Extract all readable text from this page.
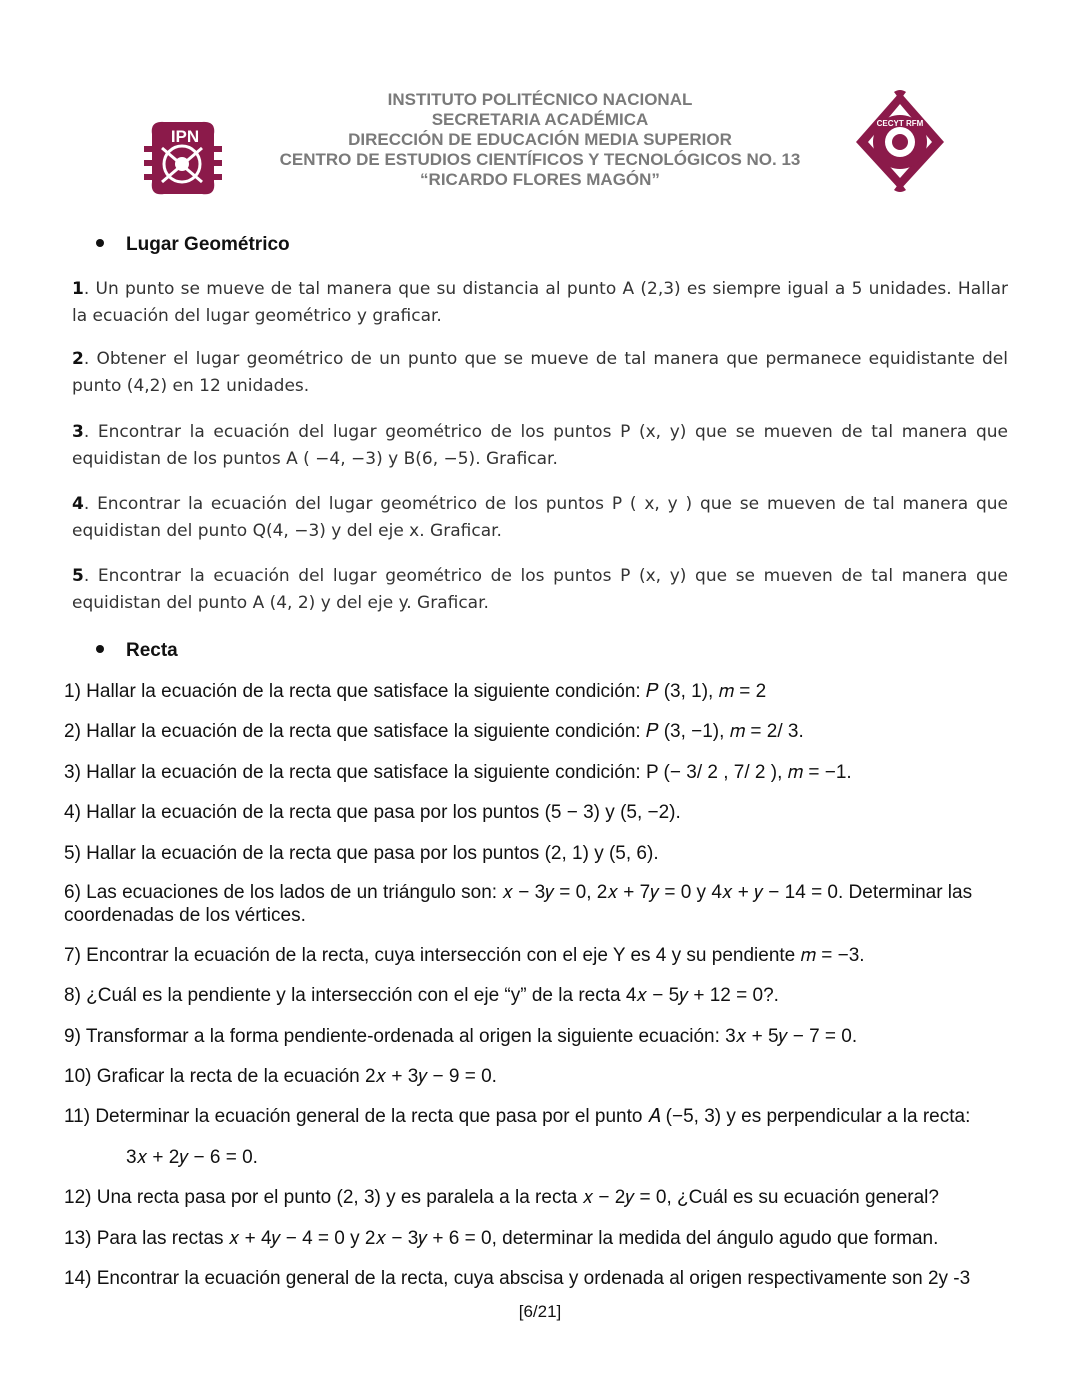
IPN
INSTITUTO POLITÉCNICO NACIONAL
SECRETARIA ACADÉMICA
DIRECCIÓN DE EDUCACIÓN MEDIA SUPERIOR
CENTRO DE ESTUDIOS CIENTÍFICOS Y TECNOLÓGICOS NO. 13
“RICARDO FLORES MAGÓN”
CECYT RFM
Lugar Geométrico
1. Un punto se mueve de tal manera que su distancia al punto A (2,3) es siempre igual a 5 unidades. Hallar la ecuación del lugar geométrico y graficar.
2. Obtener el lugar geométrico de un punto que se mueve de tal manera que permanece equidistante del punto (4,2) en 12 unidades.
3. Encontrar la ecuación del lugar geométrico de los puntos P (x, y) que se mueven de tal manera que equidistan de los puntos A ( −4, −3) y B(6, −5). Graficar.
4. Encontrar la ecuación del lugar geométrico de los puntos P ( x, y ) que se mueven de tal manera que equidistan del punto Q(4, −3) y del eje x. Graficar.
5. Encontrar la ecuación del lugar geométrico de los puntos P (x, y) que se mueven de tal manera que equidistan del punto A (4, 2) y del eje y. Graficar.
Recta
1) Hallar la ecuación de la recta que satisface la siguiente condición: 𝑃 (3, 1), 𝑚 = 2
2) Hallar la ecuación de la recta que satisface la siguiente condición: 𝑃 (3, −1), 𝑚 = 2/ 3.
3) Hallar la ecuación de la recta que satisface la siguiente condición: P (− 3/ 2 , 7/ 2 ), 𝑚 = −1.
4) Hallar la ecuación de la recta que pasa por los puntos (5 − 3) y (5, −2).
5) Hallar la ecuación de la recta que pasa por los puntos (2, 1) y (5, 6).
6) Las ecuaciones de los lados de un triángulo son: 𝑥 − 3𝑦 = 0, 2𝑥 + 7𝑦 = 0 y 4𝑥 + 𝑦 − 14 = 0. Determinar las coordenadas de los vértices.
7) Encontrar la ecuación de la recta, cuya intersección con el eje Y es 4 y su pendiente 𝑚 = −3.
8) ¿Cuál es la pendiente y la intersección con el eje “y” de la recta 4𝑥 − 5𝑦 + 12 = 0?.
9) Transformar a la forma pendiente-ordenada al origen la siguiente ecuación: 3𝑥 + 5𝑦 − 7 = 0.
10) Graficar la recta de la ecuación 2𝑥 + 3𝑦 − 9 = 0.
11) Determinar la ecuación general de la recta que pasa por el punto 𝐴 (−5, 3) y es perpendicular a la recta:
3𝑥 + 2𝑦 − 6 = 0.
12) Una recta pasa por el punto (2, 3) y es paralela a la recta 𝑥 − 2𝑦 = 0, ¿Cuál es su ecuación general?
13) Para las rectas 𝑥 + 4𝑦 − 4 = 0 y 2𝑥 − 3𝑦 + 6 = 0, determinar la medida del ángulo agudo que forman.
14) Encontrar la ecuación general de la recta, cuya abscisa y ordenada al origen respectivamente son 2y -3
[6/21]
